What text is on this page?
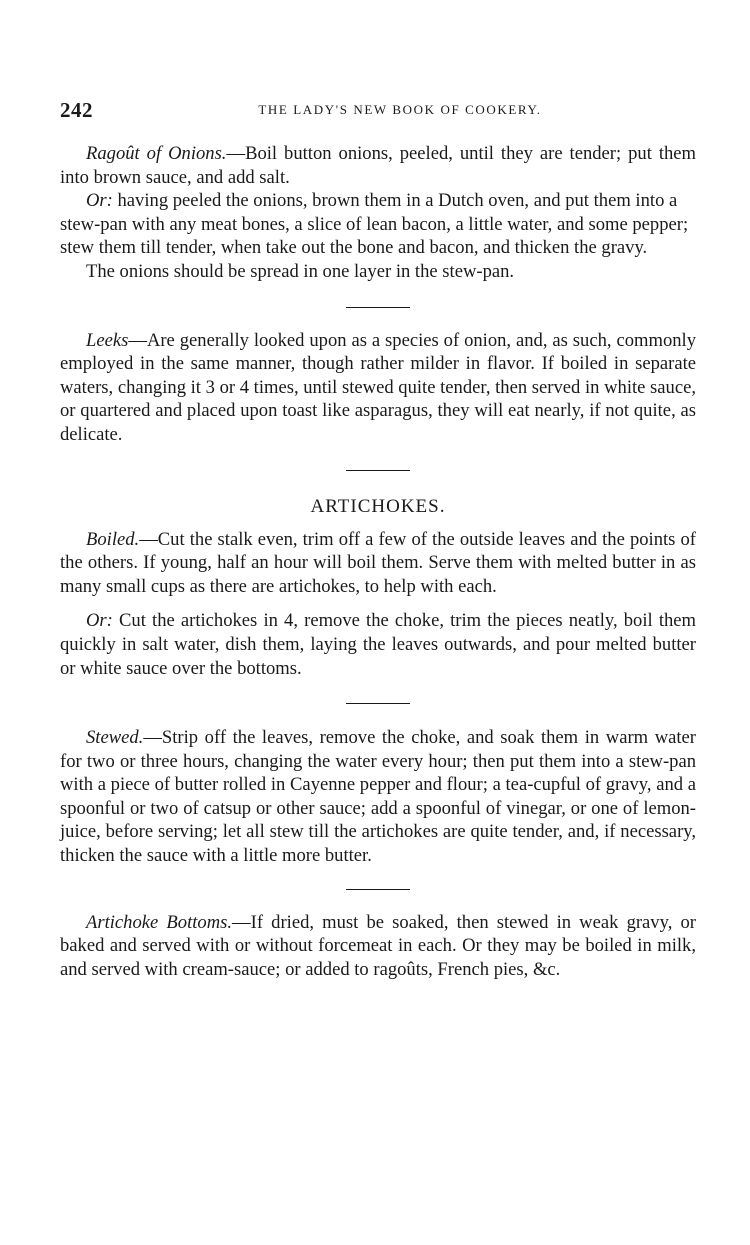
242	THE LADY'S NEW BOOK OF COOKERY.

Ragoût of Onions.—Boil button onions, peeled, until they are tender; put them into brown sauce, and add salt.

Or: having peeled the onions, brown them in a Dutch oven, and put them into a stew-pan with any meat bones, a slice of lean bacon, a little water, and some pepper; stew them till tender, when take out the bone and bacon, and thicken the gravy.

The onions should be spread in one layer in the stew-pan.

Leeks—Are generally looked upon as a species of onion, and, as such, commonly employed in the same manner, though rather milder in flavor. If boiled in separate waters, changing it 3 or 4 times, until stewed quite tender, then served in white sauce, or quartered and placed upon toast like asparagus, they will eat nearly, if not quite, as delicate.

ARTICHOKES.

Boiled.—Cut the stalk even, trim off a few of the outside leaves and the points of the others. If young, half an hour will boil them. Serve them with melted butter in as many small cups as there are artichokes, to help with each.

Or: Cut the artichokes in 4, remove the choke, trim the pieces neatly, boil them quickly in salt water, dish them, laying the leaves outwards, and pour melted butter or white sauce over the bottoms.

Stewed.—Strip off the leaves, remove the choke, and soak them in warm water for two or three hours, changing the water every hour; then put them into a stew-pan with a piece of butter rolled in Cayenne pepper and flour; a tea-cupful of gravy, and a spoonful or two of catsup or other sauce; add a spoonful of vinegar, or one of lemon-juice, before serving; let all stew till the artichokes are quite tender, and, if necessary, thicken the sauce with a little more butter.

Artichoke Bottoms.—If dried, must be soaked, then stewed in weak gravy, or baked and served with or without forcemeat in each. Or they may be boiled in milk, and served with cream-sauce; or added to ragoûts, French pies, &c.
